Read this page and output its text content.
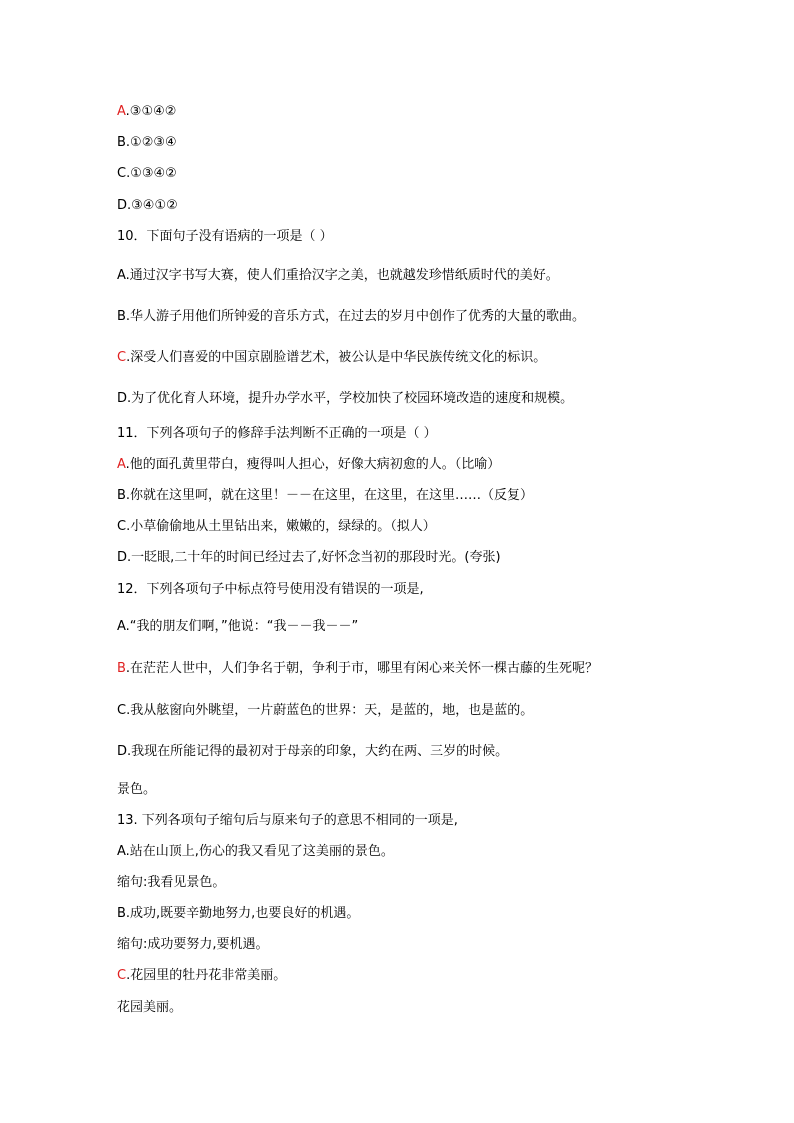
A.③①④②
B.①②③④
C.①③④②
D.③④①②
10．下面句子没有语病的一项是（ ）
A.通过汉字书写大赛，使人们重拾汉字之美，也就越发珍惜纸质时代的美好。
B.华人游子用他们所钟爱的音乐方式，在过去的岁月中创作了优秀的大量的歌曲。
C.深受人们喜爱的中国京剧脸谱艺术，被公认是中华民族传统文化的标识。
D.为了优化育人环境，提升办学水平，学校加快了校园环境改造的速度和规模。
11．下列各项句子的修辞手法判断不正确的一项是（ ）
A.他的面孔黄里带白，瘦得叫人担心，好像大病初愈的人。（比喻）
B.你就在这里呵，就在这里！－－在这里，在这里，在这里……（反复）
C.小草偷偷地从土里钻出来，嫩嫩的，绿绿的。（拟人）
D.一眨眼,二十年的时间已经过去了,好怀念当初的那段时光。(夸张)
12．下列各项句子中标点符号使用没有错误的一项是,
A.“我的朋友们啊，”他说：“我－－我－－”
B.在茫茫人世中，人们争名于朝，争利于市，哪里有闲心来关怀一棵古藤的生死呢？
C.我从舷窗向外眺望，一片蔚蓝色的世界：天，是蓝的，地，也是蓝的。
D.我现在所能记得的最初对于母亲的印象，大约在两、三岁的时候。
景色。
13. 下列各项句子缩句后与原来句子的意思不相同的一项是,
A.站在山顶上,伤心的我又看见了这美丽的景色。
缩句:我看见景色。
B.成功,既要辛勤地努力,也要良好的机遇。
缩句:成功要努力,要机遇。
C.花园里的牡丹花非常美丽。
花园美丽。
